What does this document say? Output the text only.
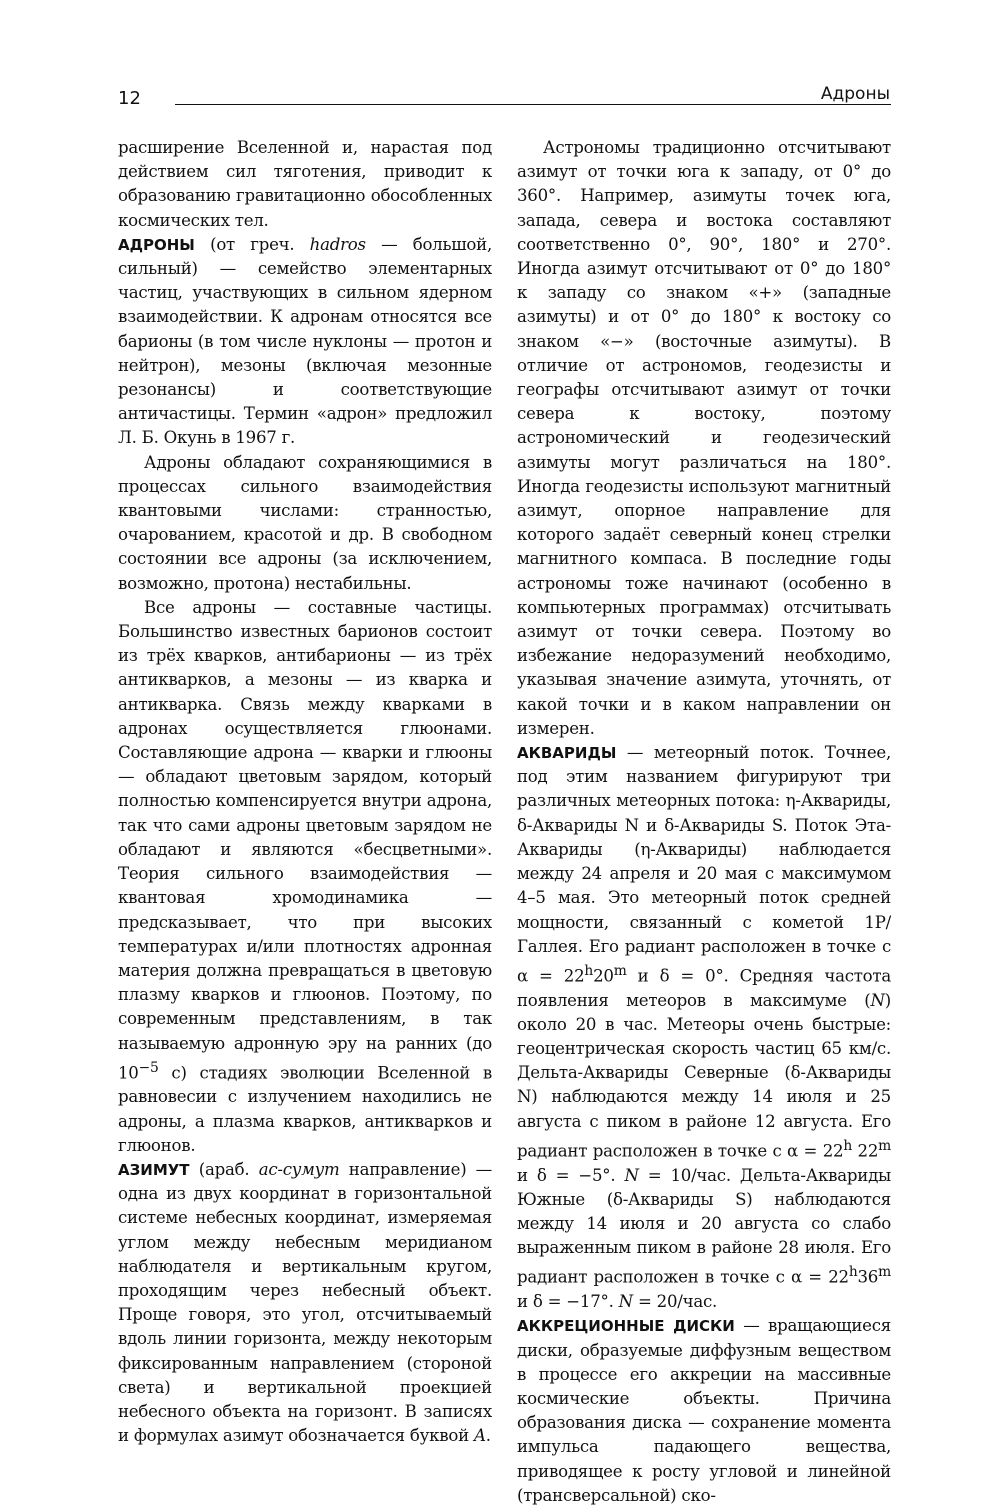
12	Адроны

расширение Вселенной и, нарастая под действием сил тяготения, приводит к образованию гравитационно обособленных космических тел.

АДРОНЫ (от греч. hadros — большой, сильный) — семейство элементарных частиц, участвующих в сильном ядерном взаимодействии. К адронам относятся все барионы (в том числе нуклоны — протон и нейтрон), мезоны (включая мезонные резонансы) и соответствующие античастицы. Термин «адрон» предложил Л. Б. Окунь в 1967 г.

Адроны обладают сохраняющимися в процессах сильного взаимодействия квантовыми числами: странностью, очарованием, красотой и др. В свободном состоянии все адроны (за исключением, возможно, протона) нестабильны.

Все адроны — составные частицы. Большинство известных барионов состоит из трёх кварков, антибарионы — из трёх антикварков, а мезоны — из кварка и антикварка. Связь между кварками в адронах осуществляется глюонами. Составляющие адрона — кварки и глюоны — обладают цветовым зарядом, который полностью компенсируется внутри адрона, так что сами адроны цветовым зарядом не обладают и являются «бесцветными». Теория сильного взаимодействия — квантовая хромодинамика — предсказывает, что при высоких температурах и/или плотностях адронная материя должна превращаться в цветовую плазму кварков и глюонов. Поэтому, по современным представлениям, в так называемую адронную эру на ранних (до $10^{-5}$ с) стадиях эволюции Вселенной в равновесии с излучением находились не адроны, а плазма кварков, антикварков и глюонов.

АЗИМУТ (араб. ас-сумут направление) — одна из двух координат в горизонтальной системе небесных координат, измеряемая углом между небесным меридианом наблюдателя и вертикальным кругом, проходящим через небесный объект. Проще говоря, это угол, отсчитываемый вдоль линии горизонта, между некоторым фиксированным направлением (стороной света) и вертикальной проекцией небесного объекта на горизонт. В записях и формулах азимут обозначается буквой A.

Астрономы традиционно отсчитывают азимут от точки юга к западу, от 0° до 360°. Например, азимуты точек юга, запада, севера и востока составляют соответственно 0°, 90°, 180° и 270°. Иногда азимут отсчитывают от 0° до 180° к западу со знаком «+» (западные азимуты) и от 0° до 180° к востоку со знаком «−» (восточные азимуты). В отличие от астрономов, геодезисты и географы отсчитывают азимут от точки севера к востоку, поэтому астрономический и геодезический азимуты могут различаться на 180°. Иногда геодезисты используют магнитный азимут, опорное направление для которого задаёт северный конец стрелки магнитного компаса. В последние годы астрономы тоже начинают (особенно в компьютерных программах) отсчитывать азимут от точки севера. Поэтому во избежание недоразумений необходимо, указывая значение азимута, уточнять, от какой точки и в каком направлении он измерен.

АКВАРИДЫ — метеорный поток. Точнее, под этим названием фигурируют три различных метеорных потока: η-Аквариды, δ-Аквариды N и δ-Аквариды S. Поток Эта-Аквариды (η-Аквариды) наблюдается между 24 апреля и 20 мая с максимумом 4–5 мая. Это метеорный поток средней мощности, связанный с кометой 1P/Галлея. Его радиант расположен в точке с $\alpha = 22^h20^m$ и δ = 0°. Средняя частота появления метеоров в максимуме (N) около 20 в час. Метеоры очень быстрые: геоцентрическая скорость частиц 65 км/с. Дельта-Аквариды Северные (δ-Аквариды N) наблюдаются между 14 июля и 25 августа с пиком в районе 12 августа. Его радиант расположен в точке с $\alpha = 22^h$ 22$^m$ и δ = −5°. N = 10/час. Дельта-Аквариды Южные (δ-Аквариды S) наблюдаются между 14 июля и 20 августа со слабо выраженным пиком в районе 28 июля. Его радиант расположен в точке с $\alpha = 22^h36^m$ и δ = −17°. N = 20/час.

АККРЕЦИОННЫЕ ДИСКИ — вращающиеся диски, образуемые диффузным веществом в процессе его аккреции на массивные космические объекты. Причина образования диска — сохранение момента импульса падающего вещества, приводящее к росту угловой и линейной (трансверсальной) ско-
